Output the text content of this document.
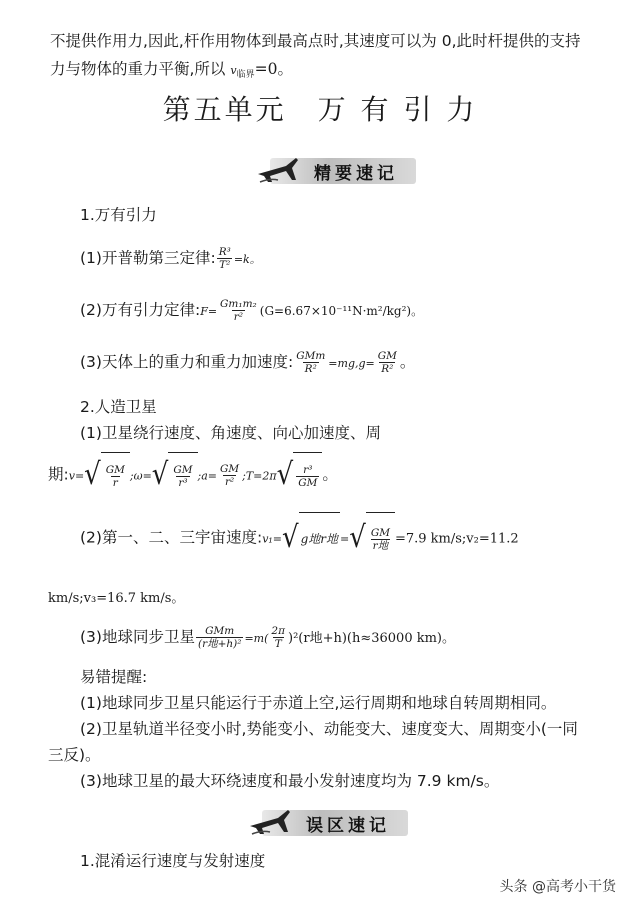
不提供作用力,因此,杆作用物体到最高点时,其速度可以为 0,此时杆提供的支持
力与物体的重力平衡,所以 v临界=0。
第五单元　万 有 引 力
精要速记
1.万有引力
(1)开普勒第三定律: $\frac{\text{R³}}{\text{T²}} =k$。
(2)万有引力定律:F= $\frac{\text{Gm₁m₂}}{\text{r²}} (G=6.67\times 10^{-11}N\cdot m^2/kg^2)$。
(3)天体上的重力和重力加速度: $\frac{\text{GMm}}{\text{R²}} =mg,g= \frac{GM}{\text{R²}}$ 。
2.人造卫星
(1)卫星绕行速度、角速度、向心加速度、周
期:v= √ $\frac{GM}{r}$ ;ω= √ $\frac{GM}{\text{r³}}$ ;a= $\frac{GM}{\text{r²}}$ ;T=2π √ $\frac{\text{r³}}{GM}$ 。
(2)第一、二、三宇宙速度:v₁= √ g地r地 = √ $\frac{GM}{\text{r地}} =7.9$ km/s;v₂=11.2
km/s;v₃=16.7 km/s。
(3)地球同步卫星 $\frac{\text{GMm}}{\text{(r地+h)²}} =m( \frac{2\pi}{T} )^2(r$地+h)(h≈36000 km)。
易错提醒:
(1)地球同步卫星只能运行于赤道上空,运行周期和地球自转周期相同。
(2)卫星轨道半径变小时,势能变小、动能变大、速度变大、周期变小(一同
三反)。
(3)地球卫星的最大环绕速度和最小发射速度均为 7.9 km/s。
误区速记
1.混淆运行速度与发射速度
头条 @高考小干货
